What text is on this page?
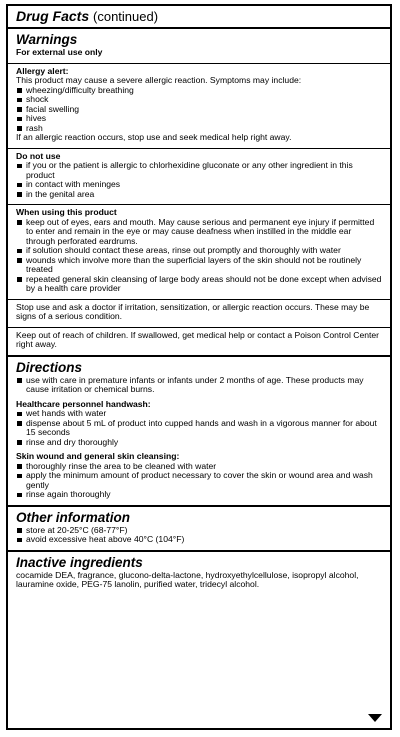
Drug Facts (continued)
Warnings

For external use only

Allergy alert:

This product may cause a severe allergic reaction. Symptoms may include:

wheezing/difficulty breathing
shock
facial swelling
hives
rash

If an allergic reaction occurs, stop use and seek medical help right away.

Do not use

if you or the patient is allergic to chlorhexidine gluconate or any other ingredient in this product
in contact with meninges
in the genital area

When using this product

keep out of eyes, ears and mouth. May cause serious and permanent eye injury if permitted to enter and remain in the eye or may cause deafness when instilled in the middle ear through perforated eardrums.
if solution should contact these areas, rinse out promptly and thoroughly with water
wounds which involve more than the superficial layers of the skin should not be routinely treated
repeated general skin cleansing of large body areas should not be done except when advised by a health care provider

Stop use and ask a doctor if irritation, sensitization, or allergic reaction occurs. These may be signs of a serious condition.

Keep out of reach of children. If swallowed, get medical help or contact a Poison Control Center right away.

Directions
use with care in premature infants or infants under 2 months of age. These products may cause irritation or chemical burns.

Healthcare personnel handwash:

wet hands with water
dispense about 5 mL of product into cupped hands and wash in a vigorous manner for about 15 seconds
rinse and dry thoroughly

Skin wound and general skin cleansing:

thoroughly rinse the area to be cleaned with water
apply the minimum amount of product necessary to cover the skin or wound area and wash gently
rinse again thoroughly
Other information
store at 20-25°C (68-77°F)
avoid excessive heat above 40°C (104°F)
Inactive ingredients

cocamide DEA, fragrance, glucono-delta-lactone, hydroxyethylcellulose, isopropyl alcohol, lauramine oxide, PEG-75 lanolin, purified water, tridecyl alcohol.
